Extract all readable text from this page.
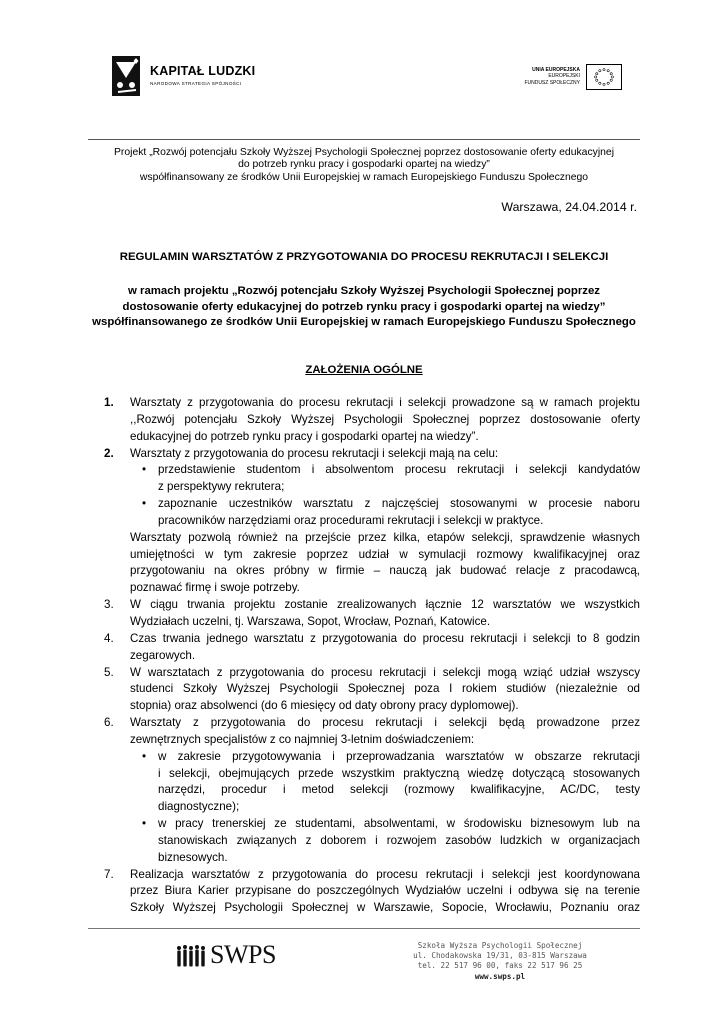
KAPITAŁ LUDZKI
NARODOWA STRATEGIA SPÓJNOŚCI
UNIA EUROPEJSKA
EUROPEJSKI
FUNDUSZ SPOŁECZNY
Projekt „Rozwój potencjału Szkoły Wyższej Psychologii Społecznej poprzez dostosowanie oferty edukacyjnej
do potrzeb rynku pracy i gospodarki opartej na wiedzy”
współfinansowany ze środków Unii Europejskiej w ramach Europejskiego Funduszu Społecznego
Warszawa, 24.04.2014 r.
REGULAMIN WARSZTATÓW Z PRZYGOTOWANIA DO PROCESU REKRUTACJI I SELEKCJI
w ramach projektu „Rozwój potencjału Szkoły Wyższej Psychologii Społecznej poprzez
dostosowanie oferty edukacyjnej do potrzeb rynku pracy i gospodarki opartej na wiedzy”
współfinansowanego ze środków Unii Europejskiej w ramach Europejskiego Funduszu Społecznego
ZAŁOŻENIA OGÓLNE
1.	Warsztaty z przygotowania do procesu rekrutacji i selekcji prowadzone są w ramach projektu
,,Rozwój potencjału Szkoły Wyższej Psychologii Społecznej poprzez dostosowanie oferty
edukacyjnej do potrzeb rynku pracy i gospodarki opartej na wiedzy”.
2.	Warsztaty z przygotowania do procesu rekrutacji i selekcji mają na celu:
• przedstawienie studentom i absolwentom procesu rekrutacji i selekcji kandydatów
z perspektywy rekrutera;
• zapoznanie uczestników warsztatu z najczęściej stosowanymi w procesie naboru
pracowników narzędziami oraz procedurami rekrutacji i selekcji w praktyce.
Warsztaty pozwolą również na przejście przez kilka, etapów selekcji, sprawdzenie własnych
umiejętności w tym zakresie poprzez udział w symulacji rozmowy kwalifikacyjnej oraz
przygotowaniu na okres próbny w firmie – nauczą jak budować relacje z pracodawcą,
poznawać firmę i swoje potrzeby.
3.	W ciągu trwania projektu zostanie zrealizowanych łącznie 12 warsztatów we wszystkich
Wydziałach uczelni, tj. Warszawa, Sopot, Wrocław, Poznań, Katowice.
4.	Czas trwania jednego warsztatu z przygotowania do procesu rekrutacji i selekcji to 8 godzin
zegarowych.
5.	W warsztatach z przygotowania do procesu rekrutacji i selekcji mogą wziąć udział wszyscy
studenci Szkoły Wyższej Psychologii Społecznej poza I rokiem studiów (niezależnie od
stopnia) oraz absolwenci (do 6 miesięcy od daty obrony pracy dyplomowej).
6.	Warsztaty z przygotowania do procesu rekrutacji i selekcji będą prowadzone przez
zewnętrznych specjalistów z co najmniej 3-letnim doświadczeniem:
• w zakresie przygotowywania i przeprowadzania warsztatów w obszarze rekrutacji
i selekcji, obejmujących przede wszystkim praktyczną wiedzę dotyczącą stosowanych
narzędzi, procedur i metod selekcji (rozmowy kwalifikacyjne, AC/DC, testy
diagnostyczne);
• w pracy trenerskiej ze studentami, absolwentami, w środowisku biznesowym lub na
stanowiskach związanych z doborem i rozwojem zasobów ludzkich w organizacjach
biznesowych.
7.	Realizacja warsztatów z przygotowania do procesu rekrutacji i selekcji jest koordynowana
przez Biura Karier przypisane do poszczególnych Wydziałów uczelni i odbywa się na terenie
Szkoły Wyższej Psychologii Społecznej w Warszawie, Sopocie, Wrocławiu, Poznaniu oraz
SWPS	Szkoła Wyższa Psychologii Społecznej
ul. Chodakowska 19/31, 03-815 Warszawa
tel. 22 517 96 00, faks 22 517 96 25
www.swps.pl
